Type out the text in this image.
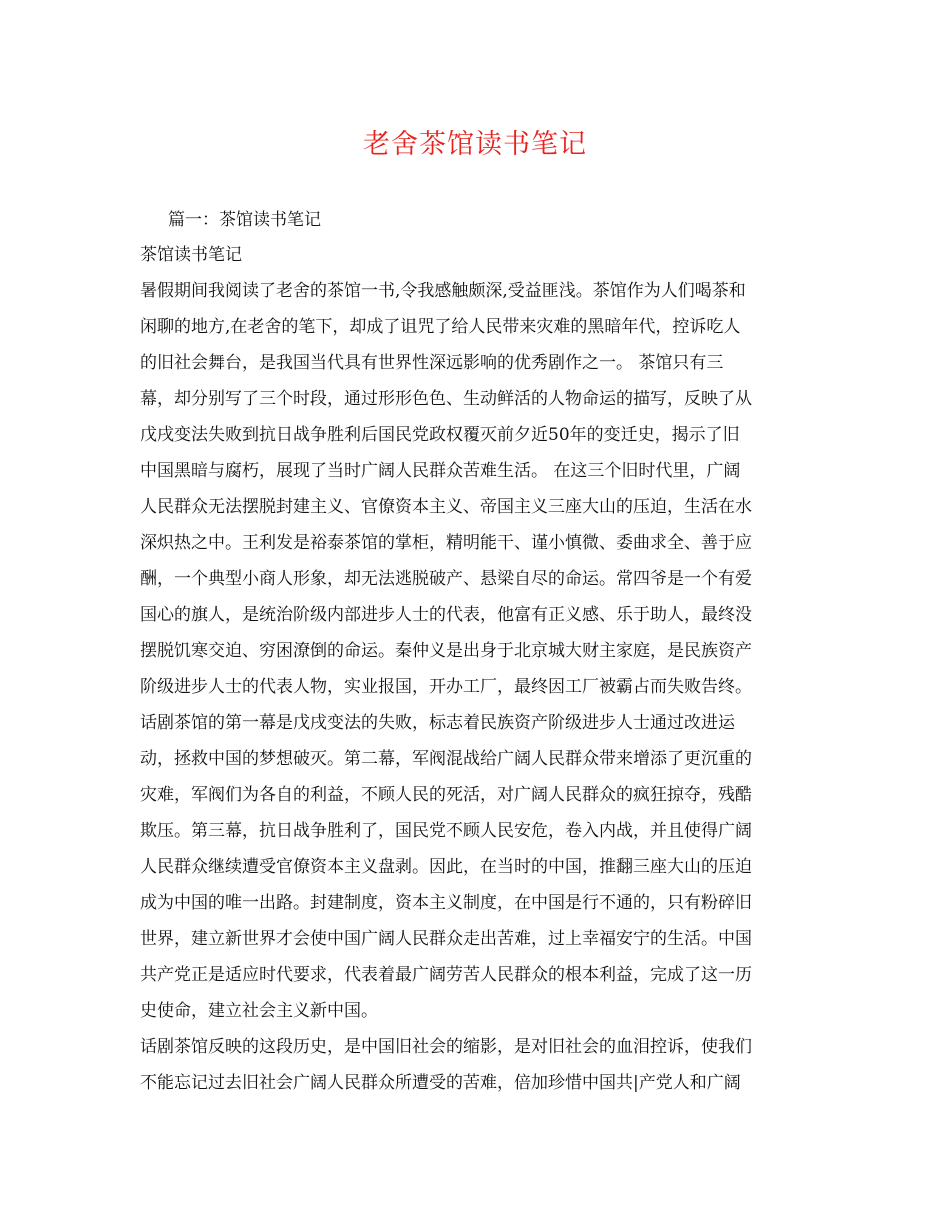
老舍茶馆读书笔记
篇一：茶馆读书笔记
茶馆读书笔记
暑假期间我阅读了老舍的茶馆一书,令我感触颇深,受益匪浅。茶馆作为人们喝茶和
闲聊的地方,在老舍的笔下，却成了诅咒了给人民带来灾难的黑暗年代，控诉吃人
的旧社会舞台，是我国当代具有世界性深远影响的优秀剧作之一。 茶馆只有三
幕，却分别写了三个时段，通过形形色色、生动鲜活的人物命运的描写，反映了从
戊戌变法失败到抗日战争胜利后国民党政权覆灭前夕近50年的变迁史，揭示了旧
中国黑暗与腐朽，展现了当时广阔人民群众苦难生活。 在这三个旧时代里，广阔
人民群众无法摆脱封建主义、官僚资本主义、帝国主义三座大山的压迫，生活在水
深炽热之中。王利发是裕泰茶馆的掌柜，精明能干、谨小慎微、委曲求全、善于应
酬，一个典型小商人形象，却无法逃脱破产、悬梁自尽的命运。常四爷是一个有爱
国心的旗人，是统治阶级内部进步人士的代表，他富有正义感、乐于助人，最终没
摆脱饥寒交迫、穷困潦倒的命运。秦仲义是出身于北京城大财主家庭，是民族资产
阶级进步人士的代表人物，实业报国，开办工厂，最终因工厂被霸占而失败告终。
话剧茶馆的第一幕是戊戌变法的失败，标志着民族资产阶级进步人士通过改进运
动，拯救中国的梦想破灭。第二幕，军阀混战给广阔人民群众带来增添了更沉重的
灾难，军阀们为各自的利益，不顾人民的死活，对广阔人民群众的疯狂掠夺，残酷
欺压。第三幕，抗日战争胜利了，国民党不顾人民安危，卷入内战，并且使得广阔
人民群众继续遭受官僚资本主义盘剥。因此，在当时的中国，推翻三座大山的压迫
成为中国的唯一出路。封建制度，资本主义制度，在中国是行不通的，只有粉碎旧
世界，建立新世界才会使中国广阔人民群众走出苦难，过上幸福安宁的生活。中国
共产党正是适应时代要求，代表着最广阔劳苦人民群众的根本利益，完成了这一历
史使命，建立社会主义新中国。
话剧茶馆反映的这段历史，是中国旧社会的缩影，是对旧社会的血泪控诉，使我们
不能忘记过去旧社会广阔人民群众所遭受的苦难，倍加珍惜中国共|产党人和广阔
